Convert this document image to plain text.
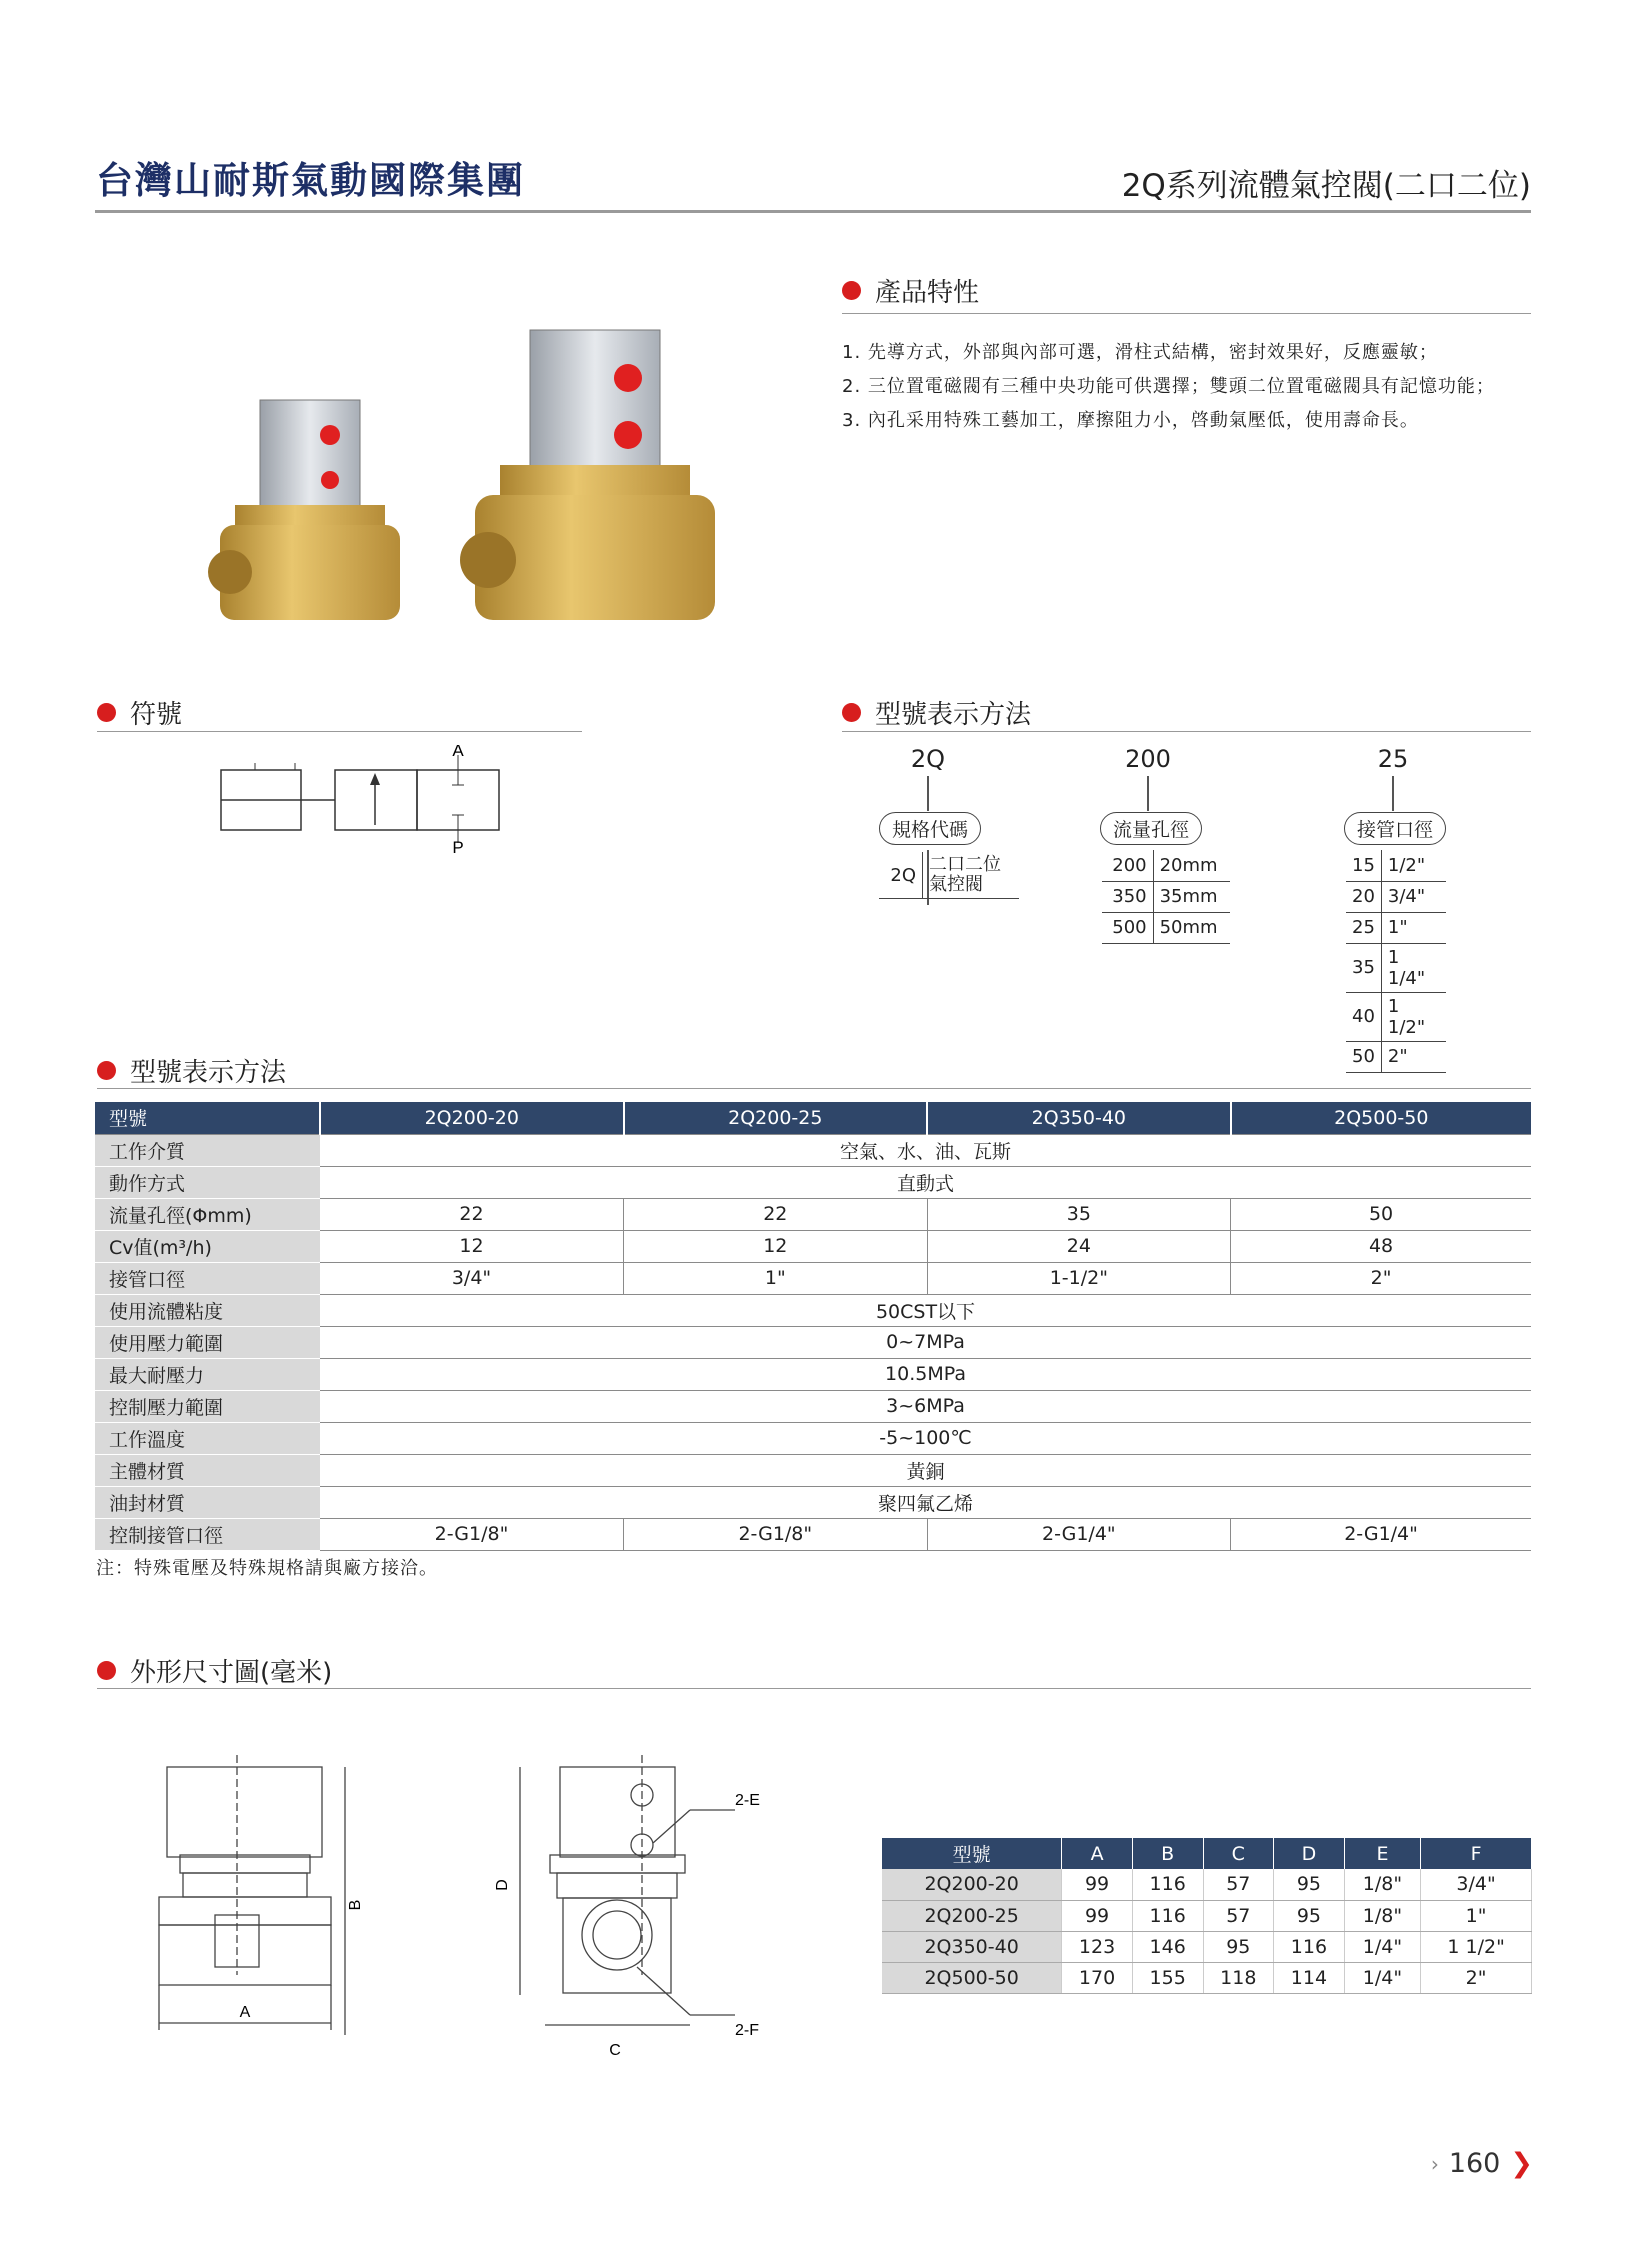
台灣山耐斯氣動國際集團	2Q系列流體氣控閥(二口二位)
產品特性
1. 先導方式，外部與內部可選，滑柱式結構，密封效果好，反應靈敏；
2. 三位置電磁閥有三種中央功能可供選擇；雙頭二位置電磁閥具有記憶功能；
3. 內孔采用特殊工藝加工，摩擦阻力小，啓動氣壓低，使用壽命長。
符號
A
P
型號表示方法
2Q
規格代碼
2Q	二口二位
氣控閥
200
流量孔徑
200	20mm
350	35mm
500	50mm
25
接管口徑
15	1/2"
20	3/4"
25	1"
35	1 1/4"
40	1 1/2"
50	2"
型號表示方法
型號	2Q200-20	2Q200-25	2Q350-40	2Q500-50
工作介質	空氣、水、油、瓦斯			
動作方式	直動式			
流量孔徑(Φmm)	22	22	35	50
Cv值(m³/h)	12	12	24	48
接管口徑	3/4"	1"	1-1/2"	2"
使用流體粘度	50CST以下			
使用壓力範圍	0~7MPa			
最大耐壓力	10.5MPa			
控制壓力範圍	3~6MPa			
工作溫度	-5~100℃			
主體材質	黃銅			
油封材質	聚四氟乙烯			
控制接管口徑	2-G1/8"	2-G1/8"	2-G1/4"	2-G1/4"
注：特殊電壓及特殊規格請與廠方接洽。
外形尺寸圖(毫米)
A
B
D
C
2-E
2-F
型號	A	B	C	D	E	F
2Q200-20	99	116	57	95	1/8"	3/4"
2Q200-25	99	116	57	95	1/8"	1"
2Q350-40	123	146	95	116	1/4"	1 1/2"
2Q500-50	170	155	118	114	1/4"	2"
› 160 ❯
